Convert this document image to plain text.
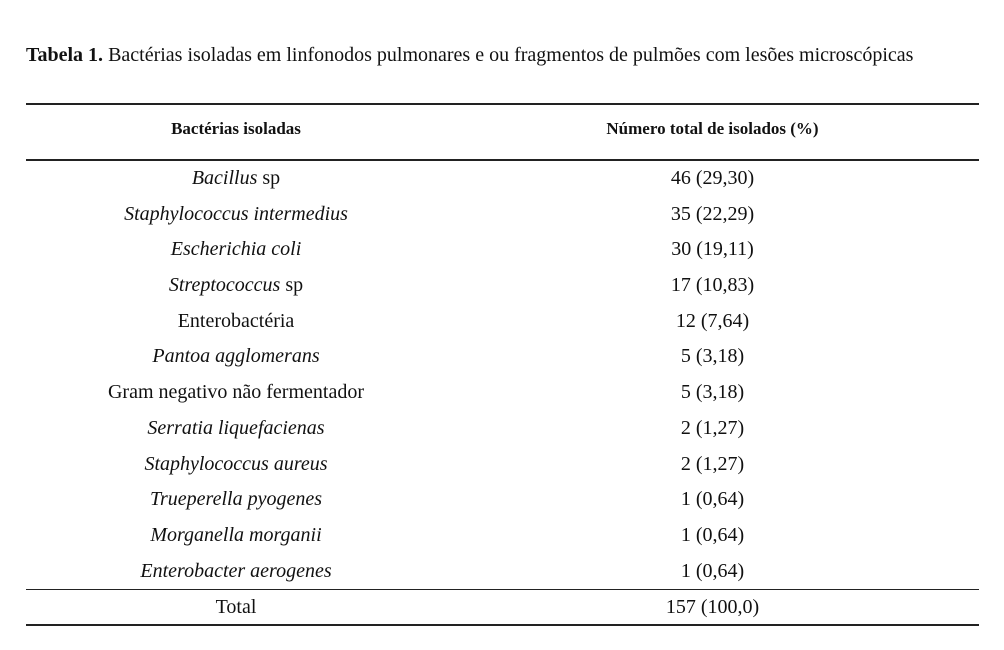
Tabela 1. Bactérias isoladas em linfonodos pulmonares e ou fragmentos de pulmões com lesões microscópicas
Bactérias isoladas	Número total de isolados (%)
Bacillus sp	46 (29,30)
Staphylococcus intermedius	35 (22,29)
Escherichia coli	30 (19,11)
Streptococcus sp	17 (10,83)
Enterobactéria	12 (7,64)
Pantoa agglomerans	5 (3,18)
Gram negativo não fermentador	5 (3,18)
Serratia liquefacienas	2 (1,27)
Staphylococcus aureus	2 (1,27)
Trueperella pyogenes	1 (0,64)
Morganella morganii	1 (0,64)
Enterobacter aerogenes	1 (0,64)
Total	157 (100,0)
